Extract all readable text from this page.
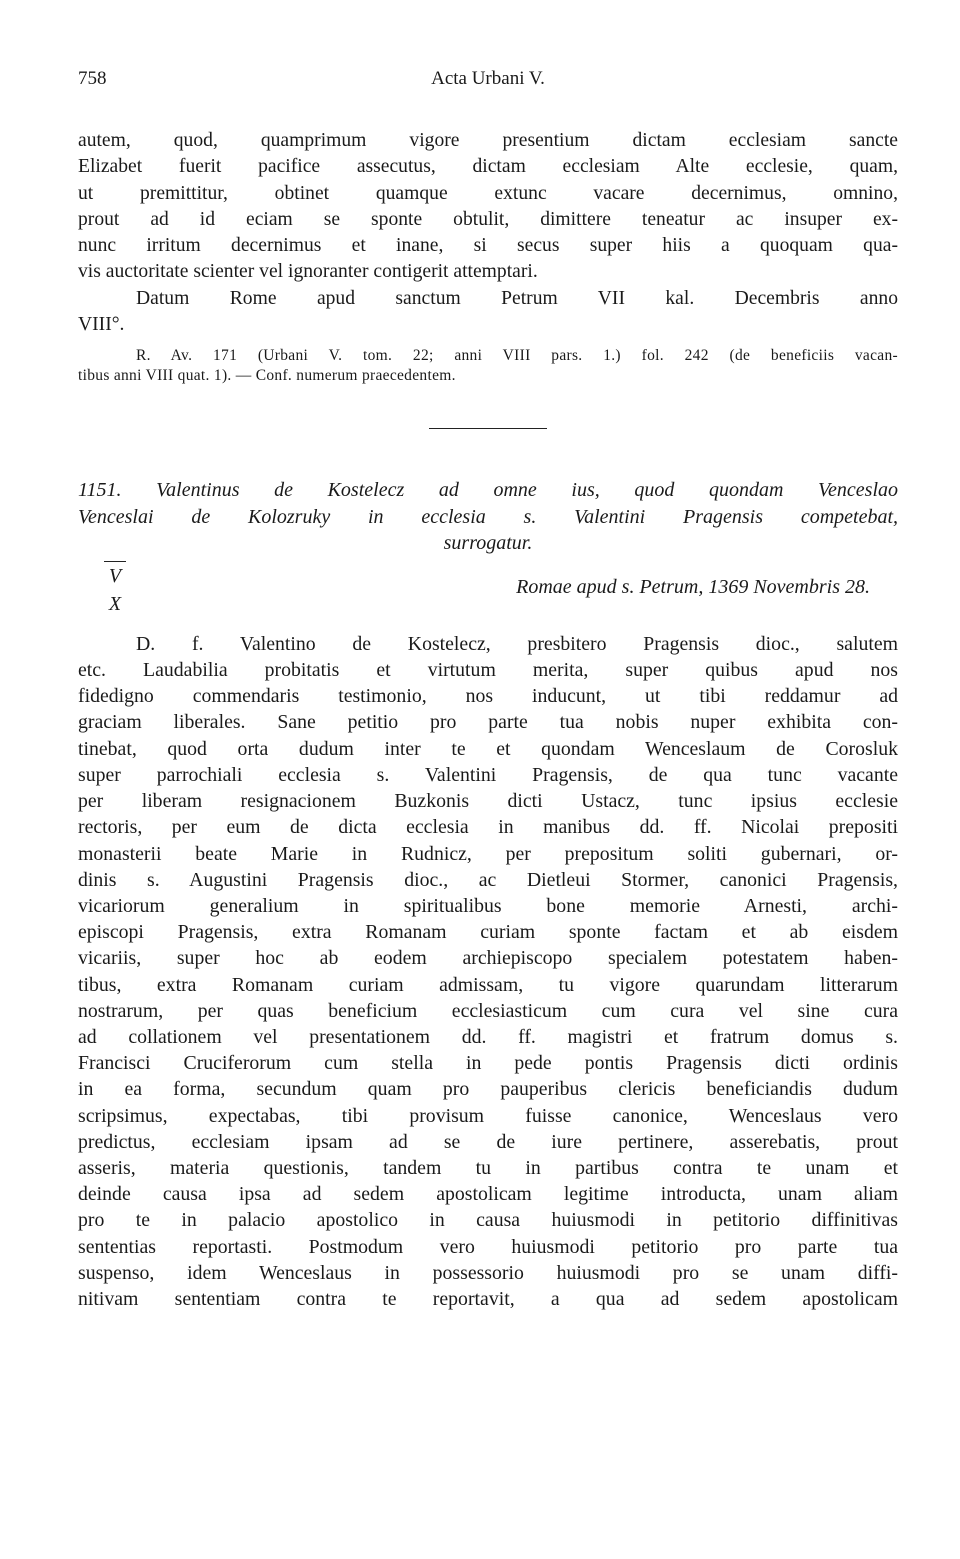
758	Acta Urbani V.
autem, quod, quamprimum vigore presentium dictam ecclesiam sancte
Elizabet fuerit pacifice assecutus, dictam ecclesiam Alte ecclesie, quam,
ut premittitur, obtinet quamque extunc vacare decernimus, omnino,
prout ad id eciam se sponte obtulit, dimittere teneatur ac insuper ex-
nunc irritum decernimus et inane, si secus super hiis a quoquam qua-
vis auctoritate scienter vel ignoranter contigerit attemptari.
Datum Rome apud sanctum Petrum VII kal. Decembris anno
VIII°.
R. Av. 171 (Urbani V. tom. 22; anni VIII pars. 1.) fol. 242 (de beneficiis vacan-
tibus anni VIII quat. 1). — Conf. numerum praecedentem.
1151. Valentinus de Kostelecz ad omne ius, quod quondam Venceslao
Venceslai de Kolozruky in ecclesia s. Valentini Pragensis competebat,
surrogatur.
V
X
Romae apud s. Petrum, 1369 Novembris 28.
D. f. Valentino de Kostelecz, presbitero Pragensis dioc., salutem
etc. Laudabilia probitatis et virtutum merita, super quibus apud nos
fidedigno commendaris testimonio, nos inducunt, ut tibi reddamur ad
graciam liberales. Sane petitio pro parte tua nobis nuper exhibita con-
tinebat, quod orta dudum inter te et quondam Wenceslaum de Corosluk
super parrochiali ecclesia s. Valentini Pragensis, de qua tunc vacante
per liberam resignacionem Buzkonis dicti Ustacz, tunc ipsius ecclesie
rectoris, per eum de dicta ecclesia in manibus dd. ff. Nicolai prepositi
monasterii beate Marie in Rudnicz, per prepositum soliti gubernari, or-
dinis s. Augustini Pragensis dioc., ac Dietleui Stormer, canonici Pragensis,
vicariorum generalium in spiritualibus bone memorie Arnesti, archi-
episcopi Pragensis, extra Romanam curiam sponte factam et ab eisdem
vicariis, super hoc ab eodem archiepiscopo specialem potestatem haben-
tibus, extra Romanam curiam admissam, tu vigore quarundam litterarum
nostrarum, per quas beneficium ecclesiasticum cum cura vel sine cura
ad collationem vel presentationem dd. ff. magistri et fratrum domus s.
Francisci Cruciferorum cum stella in pede pontis Pragensis dicti ordinis
in ea forma, secundum quam pro pauperibus clericis beneficiandis dudum
scripsimus, expectabas, tibi provisum fuisse canonice, Wenceslaus vero
predictus, ecclesiam ipsam ad se de iure pertinere, asserebatis, prout
asseris, materia questionis, tandem tu in partibus contra te unam et
deinde causa ipsa ad sedem apostolicam legitime introducta, unam aliam
pro te in palacio apostolico in causa huiusmodi in petitorio diffinitivas
sententias reportasti. Postmodum vero huiusmodi petitorio pro parte tua
suspenso, idem Wenceslaus in possessorio huiusmodi pro se unam diffi-
nitivam sententiam contra te reportavit, a qua ad sedem apostolicam
